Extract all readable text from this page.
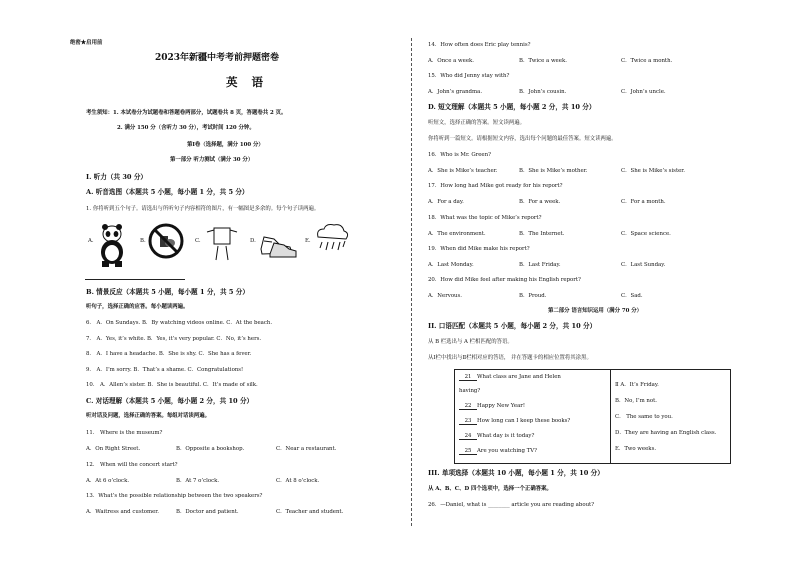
绝密★启用前
2023年新疆中考考前押题密卷
英 语
考生须知：1. 本试卷分为试题卷和答题卷两部分，试题卷共 8 页，答题卷共 2 页。
2. 满分 150 分（含听力 30 分），考试时间 120 分钟。
第Ⅰ卷（选择题，满分 100 分）
第一部分 听力测试（满分 30 分）
I. 听力（共 30 分）
A. 听音选图（本题共 5 小题，每小题 1 分，共 5 分）
1. 你将听到五个句子。请选出与所听句子内容相符的图片，有一幅图是多余的。每个句子读两遍。
A.	B.	C.	D.	E.
B. 情景反应（本题共 5 小题，每小题 1 分，共 5 分）
听句子，选择正确的应答。每小题读两遍。
6． A．On Sundays. B．By watching videos online. C．At the beach.
7． A．Yes, it’s white. B．Yes, it’s very popular. C．No, it’s hers.
8． A．I have a headache. B．She is shy. C．She has a fever.
9． A．I’m sorry. B．That’s a shame. C．Congratulations!
10． A．Allen’s sister. B．She is beautiful. C．It’s made of silk.
C. 对话理解（本题共 5 小题，每小题 2 分，共 10 分）
听对话及问题，选择正确的答案。每组对话读两遍。
11． Where is the museum?
A．On Right Street.	B．Opposite a bookshop.	C．Near a restaurant.
12． When will the concert start?
A．At 6 o’clock.	B．At 7 o’clock.	C．At 8 o’clock.
13．What’s the possible relationship between the two speakers?
A．Waitress and customer.	B．Doctor and patient.	C．Teacher and student.
14．How often does Eric play tennis?
A．Once a week.	B．Twice a week.	C．Twice a month.
15．Who did Jenny stay with?
A．John’s grandma.	B．John’s cousin.	C．John’s uncle.
D. 短文理解（本题共 5 小题，每小题 2 分，共 10 分）
听短文，选择正确的答案。短文读两遍。
你将听到一篇短文。请根据短文内容，选出每个问题的最佳答案。短文读两遍。
16．Who is Mr. Green?
A．She is Mike’s teacher.	B．She is Mike’s mother.	C．She is Mike’s sister.
17．How long had Mike got ready for his report?
A．For a day.	B．For a week.	C．For a month.
18．What was the topic of Mike’s report?
A．The environment.	B．The Internet.	C．Space science.
19．When did Mike make his report?
A．Last Monday.	B．Last Friday.	C．Last Sunday.
20．How did Mike feel after making his English report?
A．Nervous.	B．Proud.	C．Sad.
第二部分 语言知识运用（满分 70 分）
II. 口语匹配（本题共 5 小题，每小题 2 分，共 10 分）
从 B 栏选出与 A 栏相匹配的答语。
从Ⅰ栏中找出与Ⅱ栏相对应的答语， 并在答题卡的相应位置将其涂黑。
21 What class are Jane and Helen
having?
22 Happy New Year!
23 How long can I keep these books?
24 What day is it today?
25 Are you watching TV?
Ⅱ A．It’s Friday.
B．No, I’m not.
C． The same to you.
D．They are having an English class.
E．Two weeks.
III. 单项选择（本题共 10 小题，每小题 1 分，共 10 分）
从 A、B、C、D 四个选项中，选择一个正确答案。
26．—Daniel, what is ________ article you are reading about?
